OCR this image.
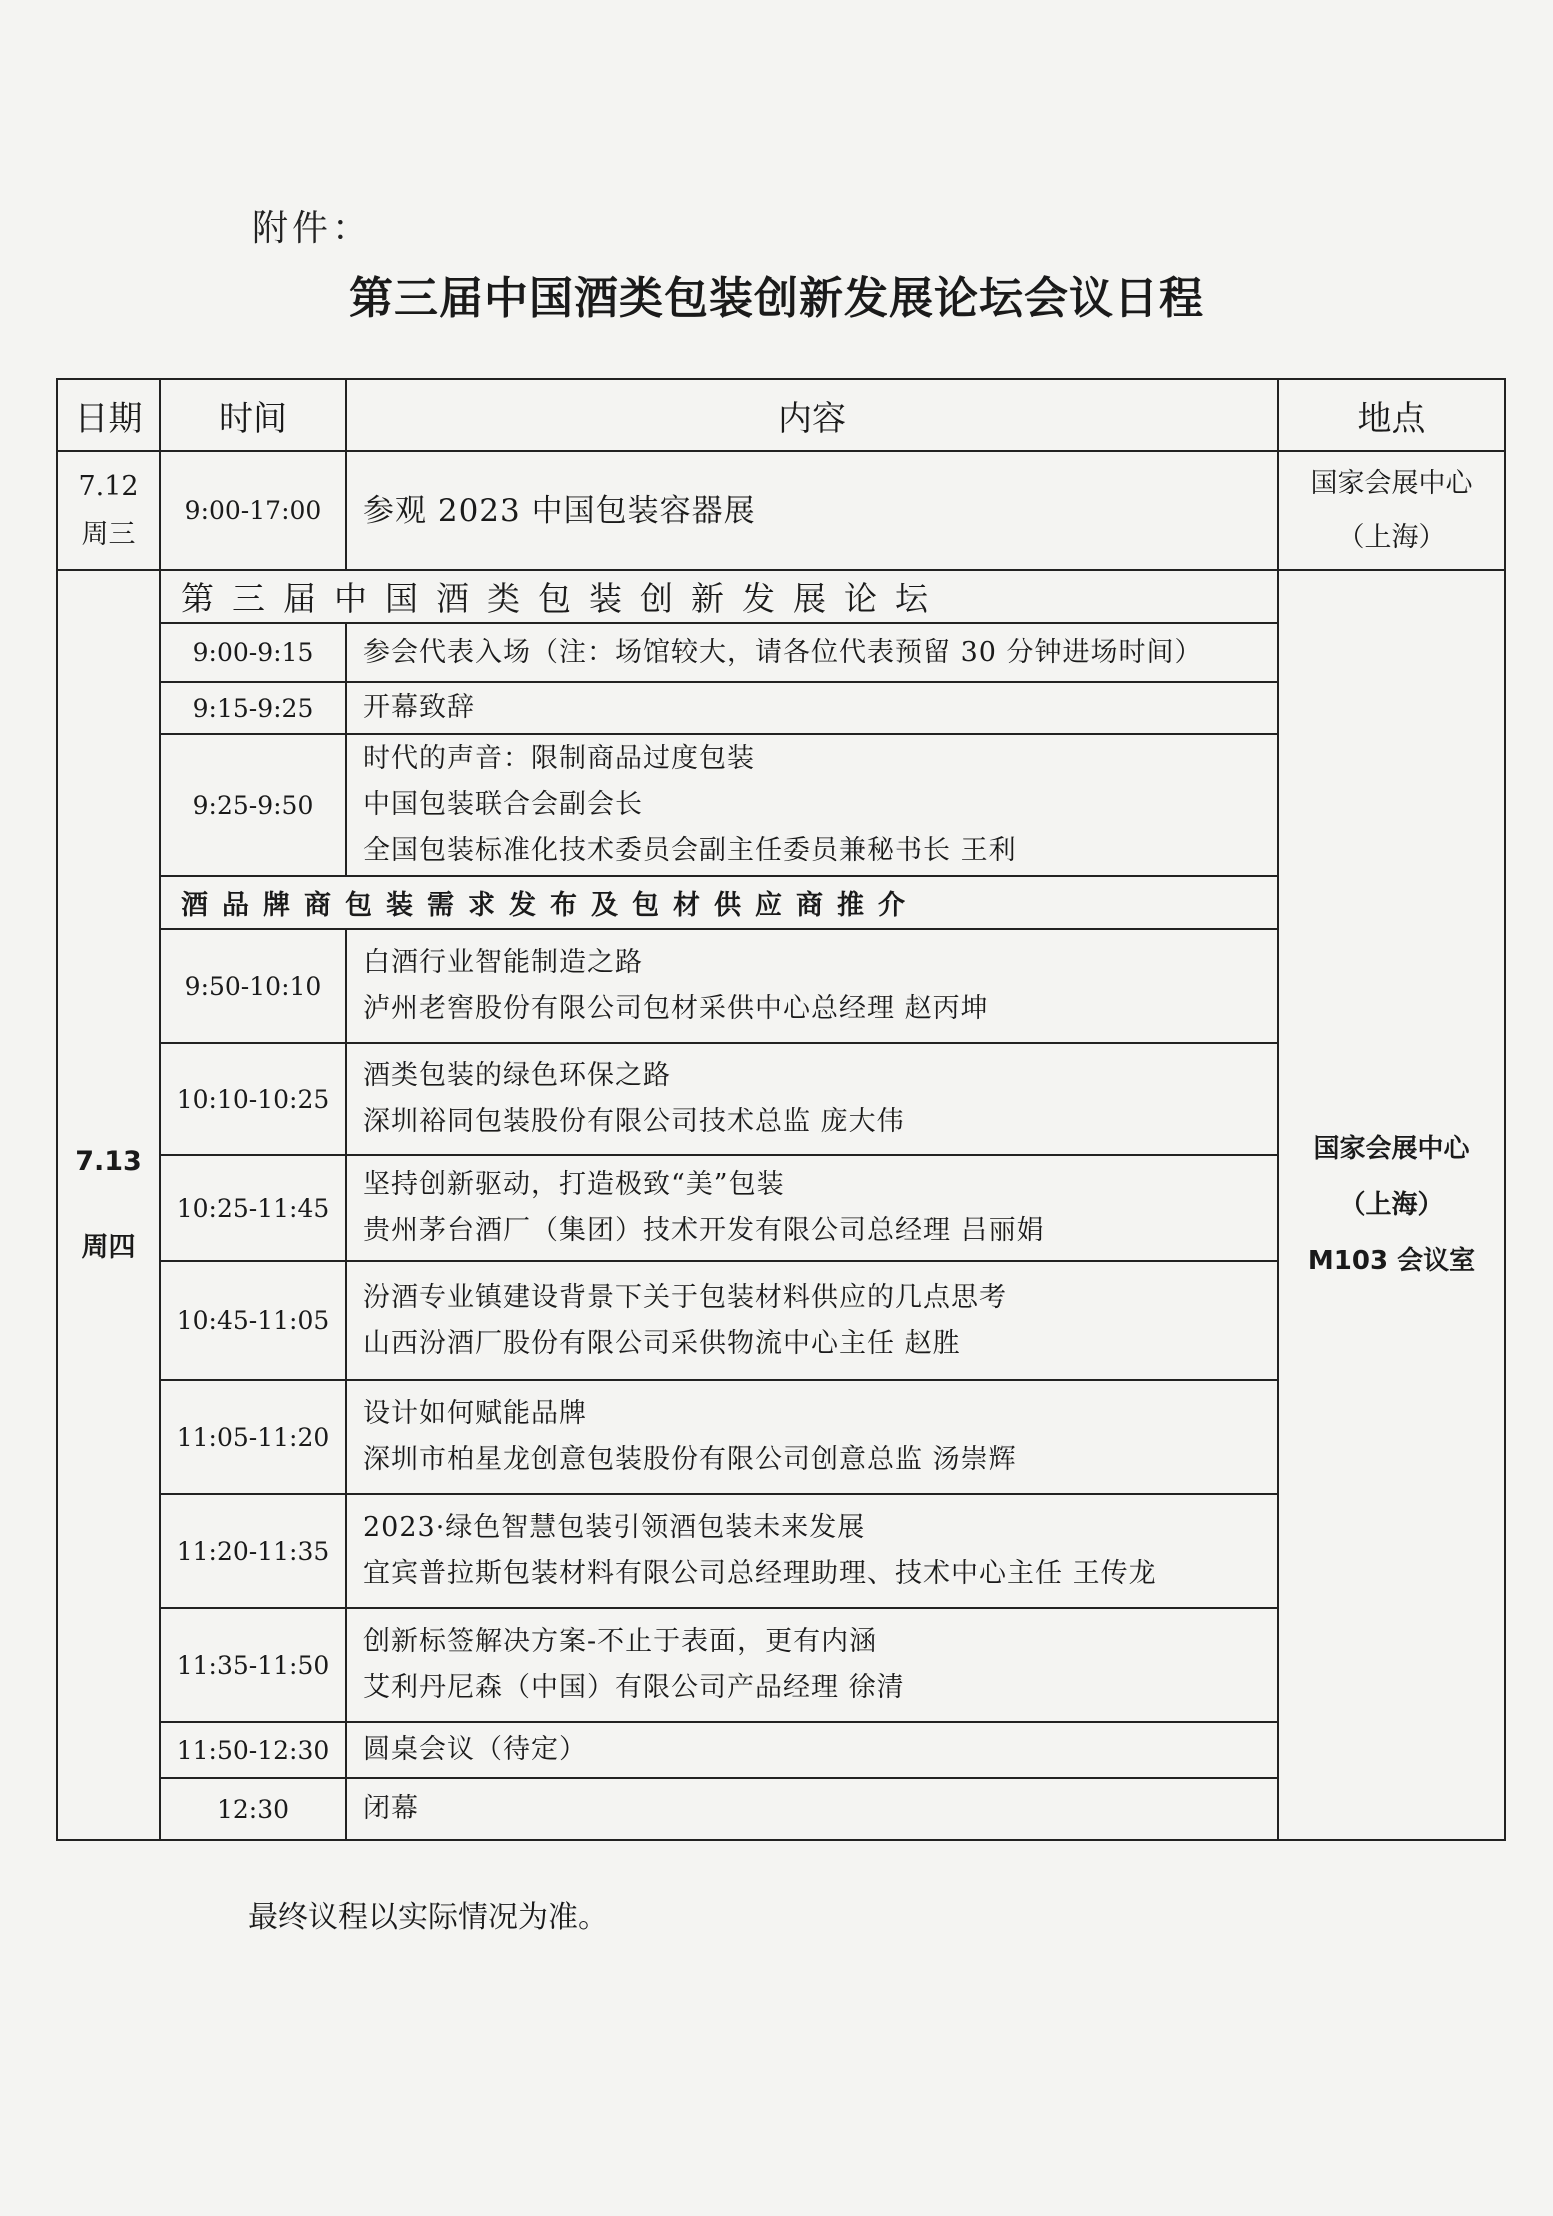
附件：
第三届中国酒类包装创新发展论坛会议日程
日期	时间	内容	地点

7.12
周三	9:00-17:00	参观 2023 中国包装容器展	国家会展中心
（上海）

7.13
周四	第三届中国酒类包装创新发展论坛		国家会展中心
（上海）
M103 会议室

	9:00-9:15	参会代表入场（注：场馆较大，请各位代表预留 30 分钟进场时间）	

	9:15-9:25	开幕致辞	

	9:25-9:50	时代的声音：限制商品过度包装
中国包装联合会副会长
全国包装标准化技术委员会副主任委员兼秘书长 王利	

	酒品牌商包装需求发布及包材供应商推介		
	9:50-10:10	白酒行业智能制造之路
泸州老窖股份有限公司包材采供中心总经理 赵丙坤	

	10:10-10:25	酒类包装的绿色环保之路
深圳裕同包装股份有限公司技术总监 庞大伟	

	10:25-11:45	坚持创新驱动，打造极致“美”包装
贵州茅台酒厂（集团）技术开发有限公司总经理 吕丽娟	

	10:45-11:05	汾酒专业镇建设背景下关于包装材料供应的几点思考
山西汾酒厂股份有限公司采供物流中心主任 赵胜	

	11:05-11:20	设计如何赋能品牌
深圳市柏星龙创意包装股份有限公司创意总监 汤崇辉	

	11:20-11:35	2023·绿色智慧包装引领酒包装未来发展
宜宾普拉斯包装材料有限公司总经理助理、技术中心主任 王传龙	

	11:35-11:50	创新标签解决方案-不止于表面，更有内涵
艾利丹尼森（中国）有限公司产品经理 徐清	

	11:50-12:30	圆桌会议（待定）	

	12:30	闭幕	
最终议程以实际情况为准。
